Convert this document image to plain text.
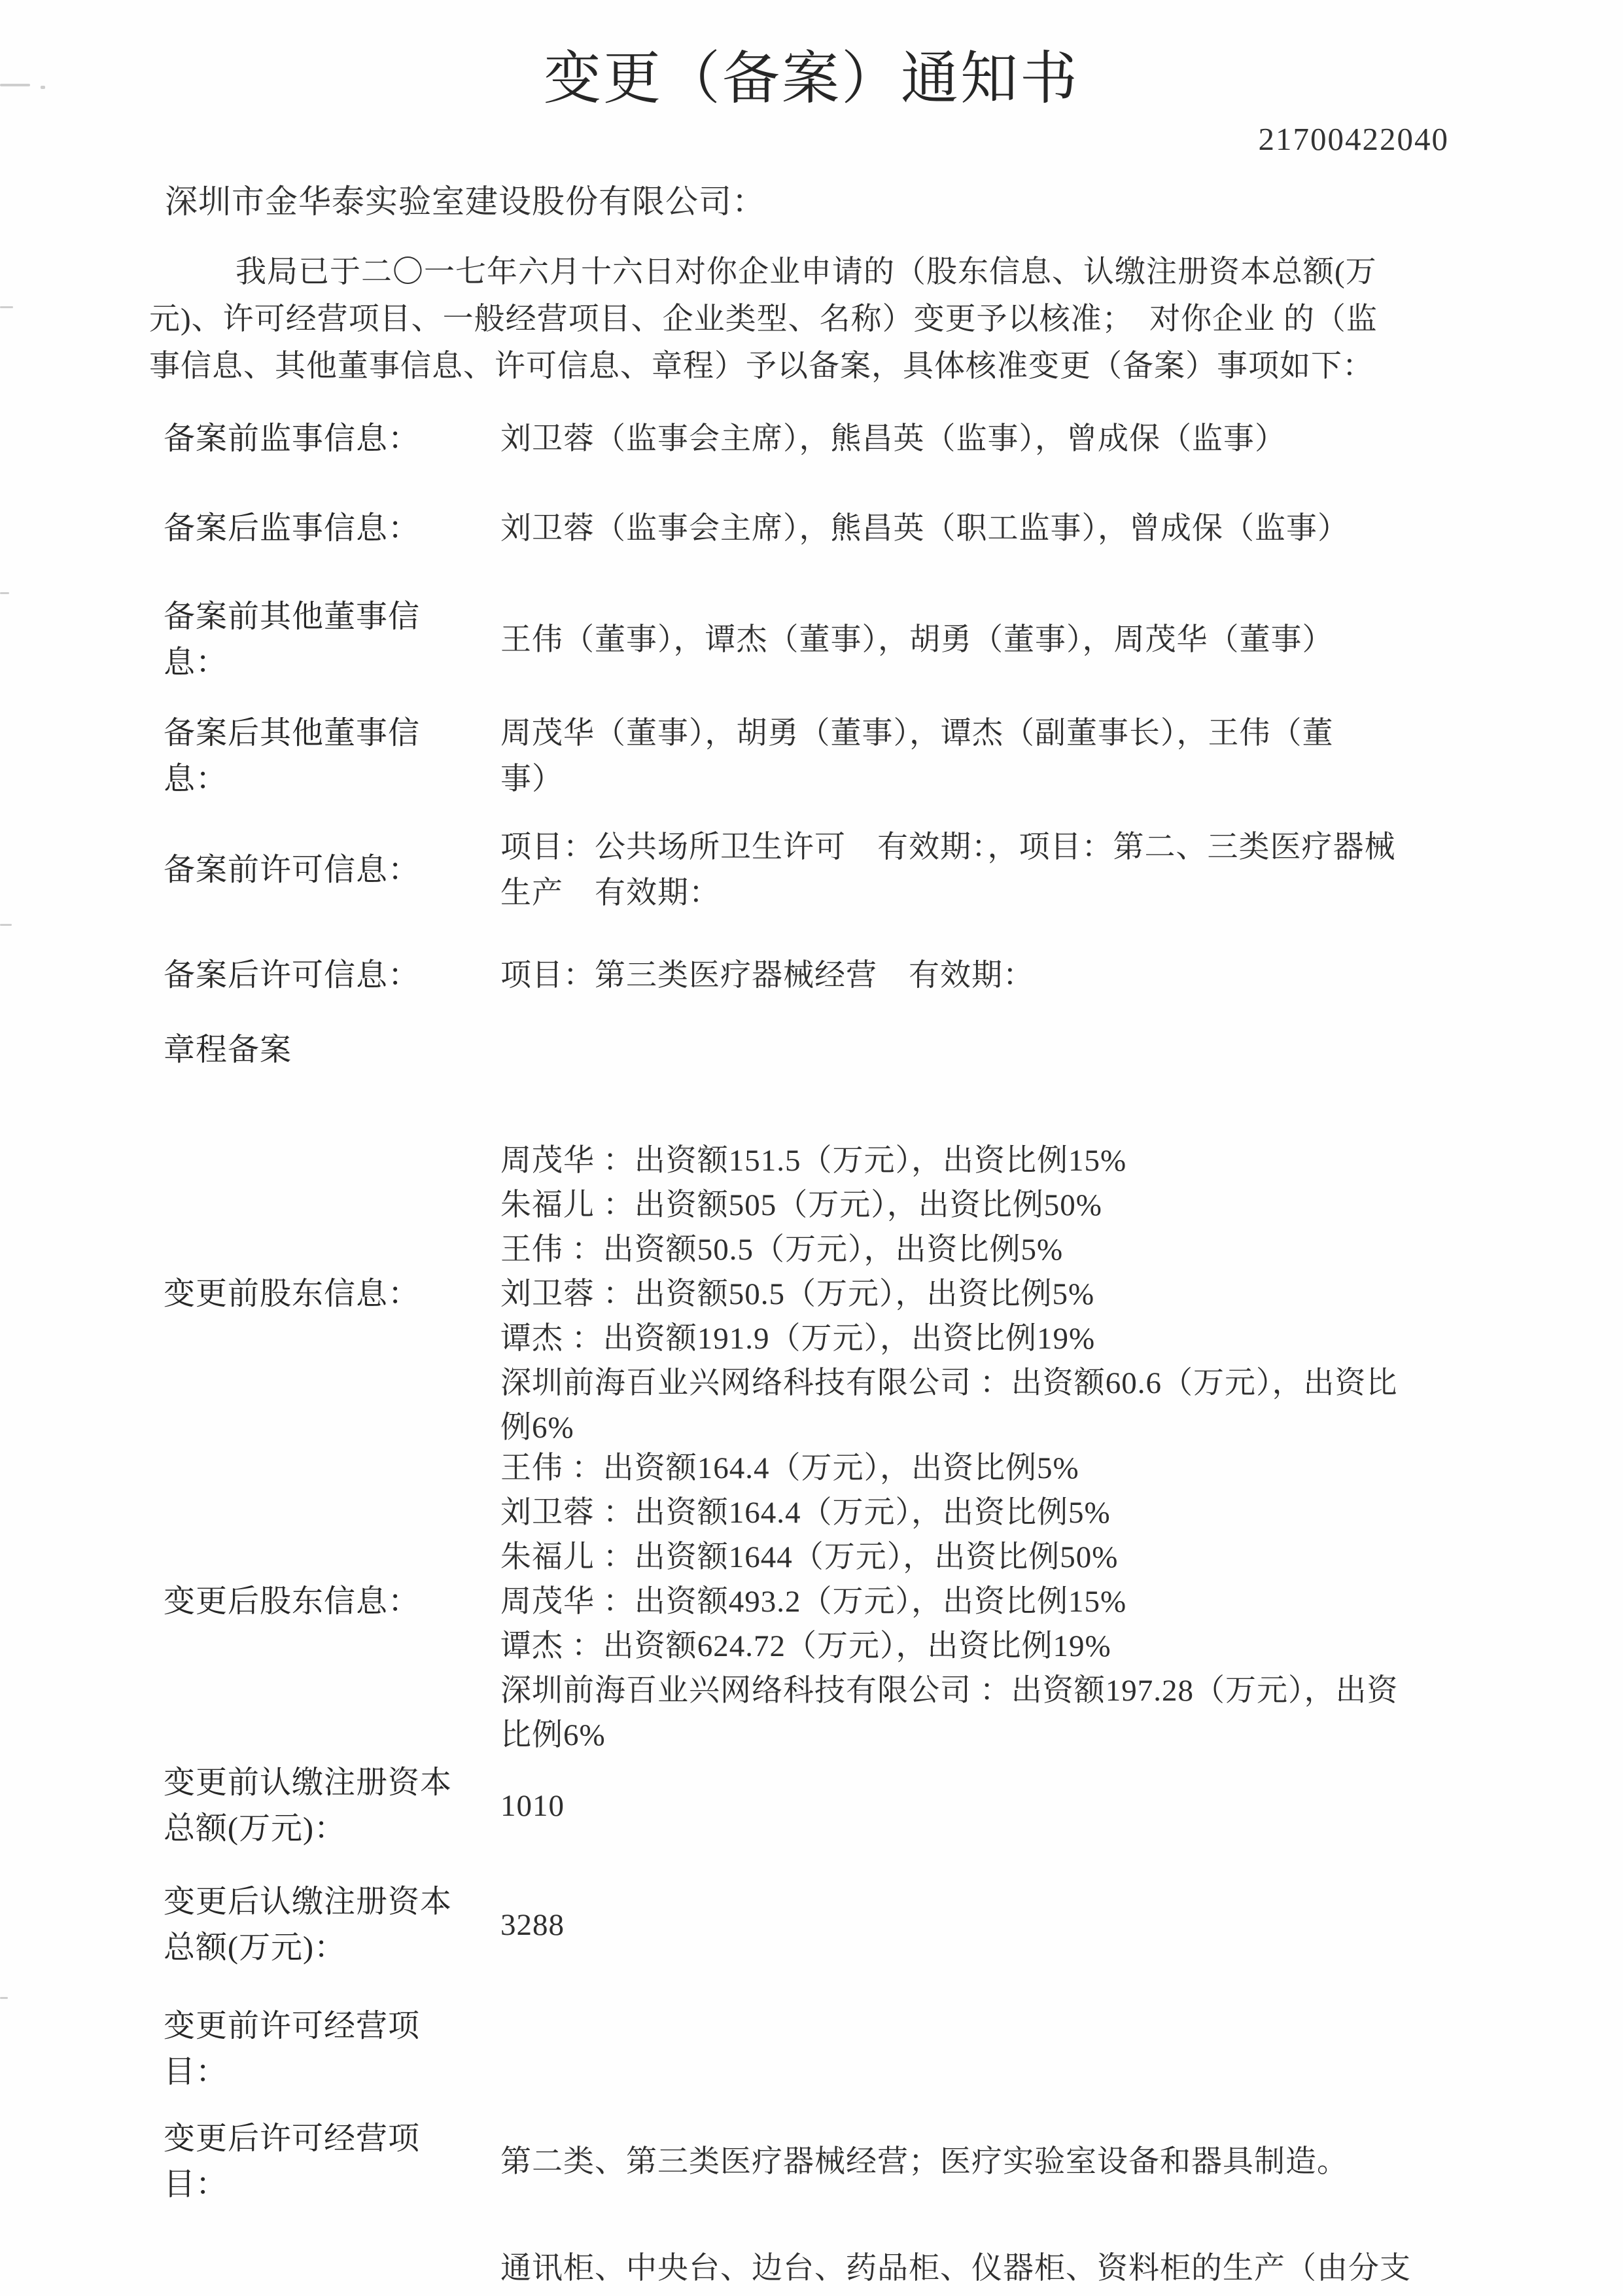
变更（备案）通知书
21700422040
深圳市金华泰实验室建设股份有限公司：
我局已于二〇一七年六月十六日对你企业申请的（股东信息、认缴注册资本总额(万
元)、许可经营项目、一般经营项目、企业类型、名称）变更予以核准；　对你企业 的（监
事信息、其他董事信息、许可信息、章程）予以备案，具体核准变更（备案）事项如下：
备案前监事信息：	刘卫蓉（监事会主席），熊昌英（监事），曾成保（监事）
备案后监事信息：	刘卫蓉（监事会主席），熊昌英（职工监事），曾成保（监事）
备案前其他董事信息：
王伟（董事），谭杰（董事），胡勇（董事），周茂华（董事）
备案后其他董事信息：
周茂华（董事），胡勇（董事），谭杰（副董事长），王伟（董
事）
备案前许可信息：
项目：公共场所卫生许可　有效期：，项目：第二、三类医疗器械
生产　有效期：
备案后许可信息：	项目：第三类医疗器械经营　有效期：
章程备案
变更前股东信息：
周茂华 ：出资额151.5（万元），出资比例15%
朱福儿 ：出资额505（万元），出资比例50%
王伟 ：出资额50.5（万元），出资比例5%
刘卫蓉 ：出资额50.5（万元），出资比例5%
谭杰 ：出资额191.9（万元），出资比例19%
深圳前海百业兴网络科技有限公司 ：出资额60.6（万元），出资比
例6%
变更后股东信息：
王伟 ：出资额164.4（万元），出资比例5%
刘卫蓉 ：出资额164.4（万元），出资比例5%
朱福儿 ：出资额1644（万元），出资比例50%
周茂华 ：出资额493.2（万元），出资比例15%
谭杰 ：出资额624.72（万元），出资比例19%
深圳前海百业兴网络科技有限公司 ：出资额197.28（万元），出资
比例6%
变更前认缴注册资本总额(万元)：
1010
变更后认缴注册资本总额(万元)：
3288
变更前许可经营项目：
变更后许可经营项目：
第二类、第三类医疗器械经营；医疗实验室设备和器具制造。
通讯柜、中央台、边台、药品柜、仪器柜、资料柜的生产（由分支
